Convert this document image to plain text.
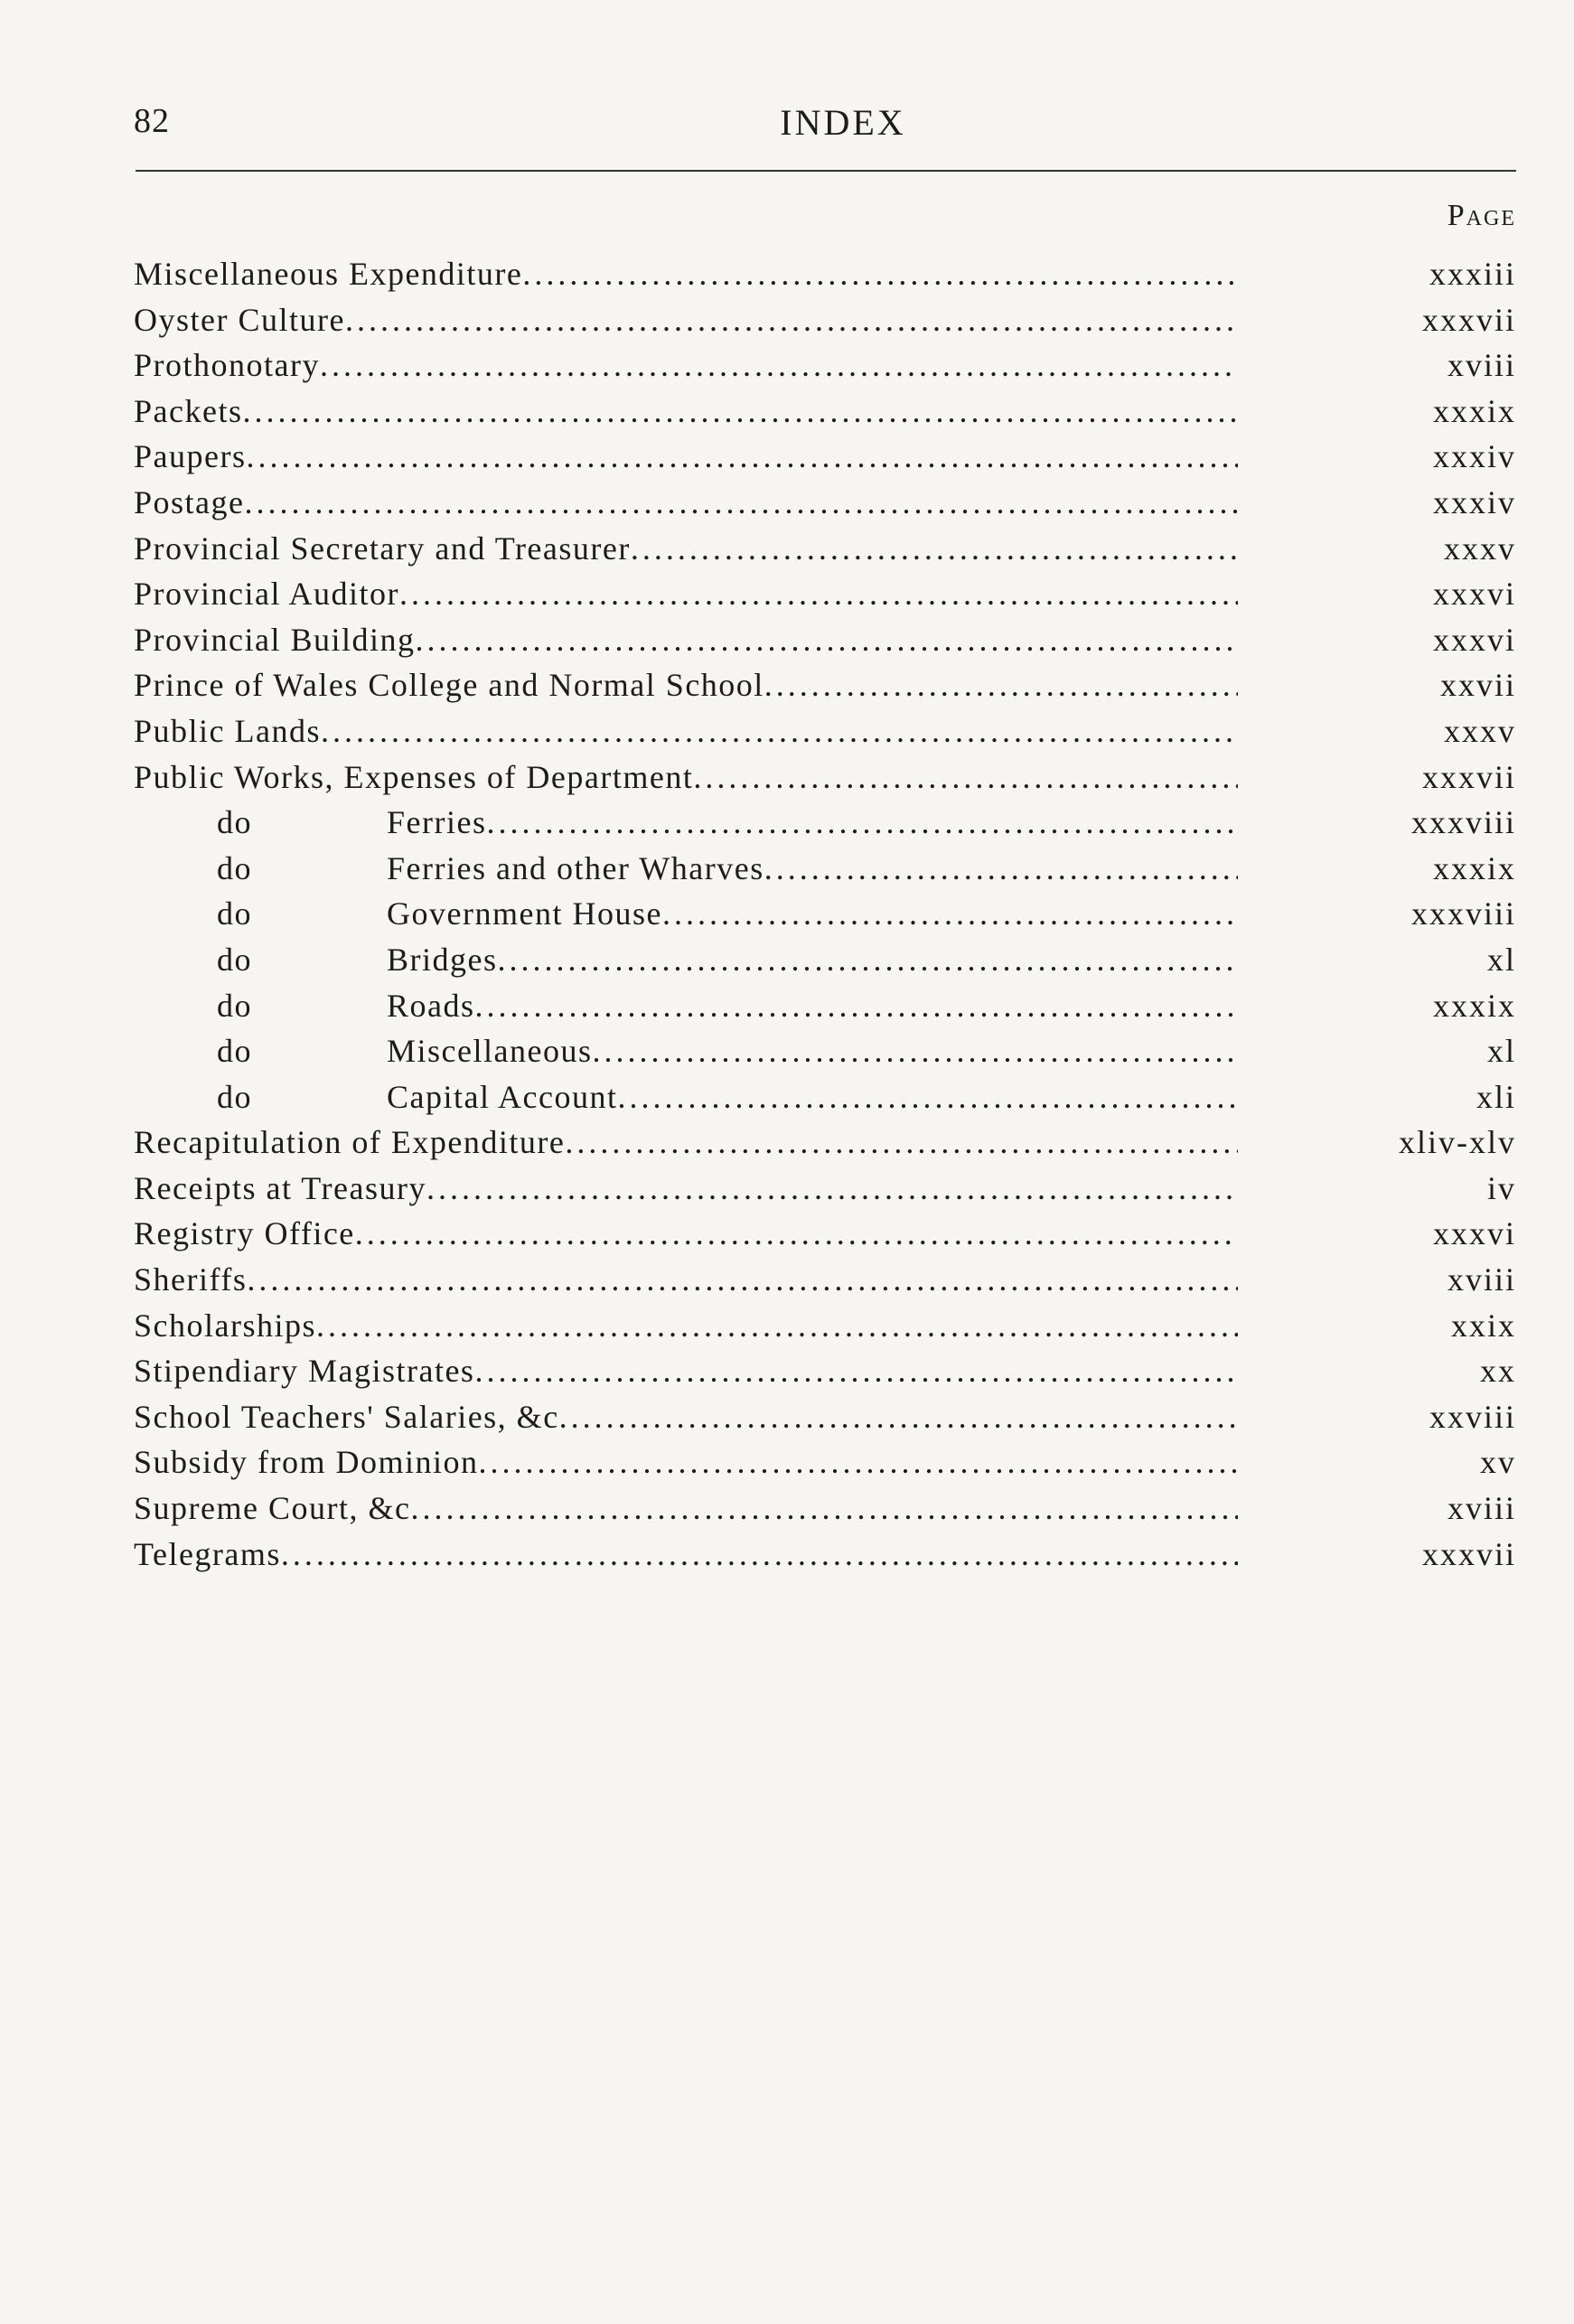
82	INDEX
Page
Miscellaneous Expenditure .....	xxxiii
Oyster Culture .....	xxxvii
Prothonotary .....	xviii
Packets .....	xxxix
Paupers .....	xxxiv
Postage .....	xxxiv
Provincial Secretary and Treasurer .....	xxxv
Provincial Auditor .....	xxxvi
Provincial Building .....	xxxvi
Prince of Wales College and Normal School .....	xxvii
Public Lands .....	xxxv
Public Works, Expenses of Department .....	xxxvii
do	Ferries .....	xxxviii
do	Ferries and other Wharves .....	xxxix
do	Government House .....	xxxviii
do	Bridges .....	xl
do	Roads .....	xxxix
do	Miscellaneous .....	xl
do	Capital Account .....	xli
Recapitulation of Expenditure .....	xliv-xlv
Receipts at Treasury .....	iv
Registry Office .....	xxxvi
Sheriffs .....	xviii
Scholarships .....	xxix
Stipendiary Magistrates .....	xx
School Teachers' Salaries, &c .....	xxviii
Subsidy from Dominion .....	xv
Supreme Court, &c .....	xviii
Telegrams .....	xxxvii
